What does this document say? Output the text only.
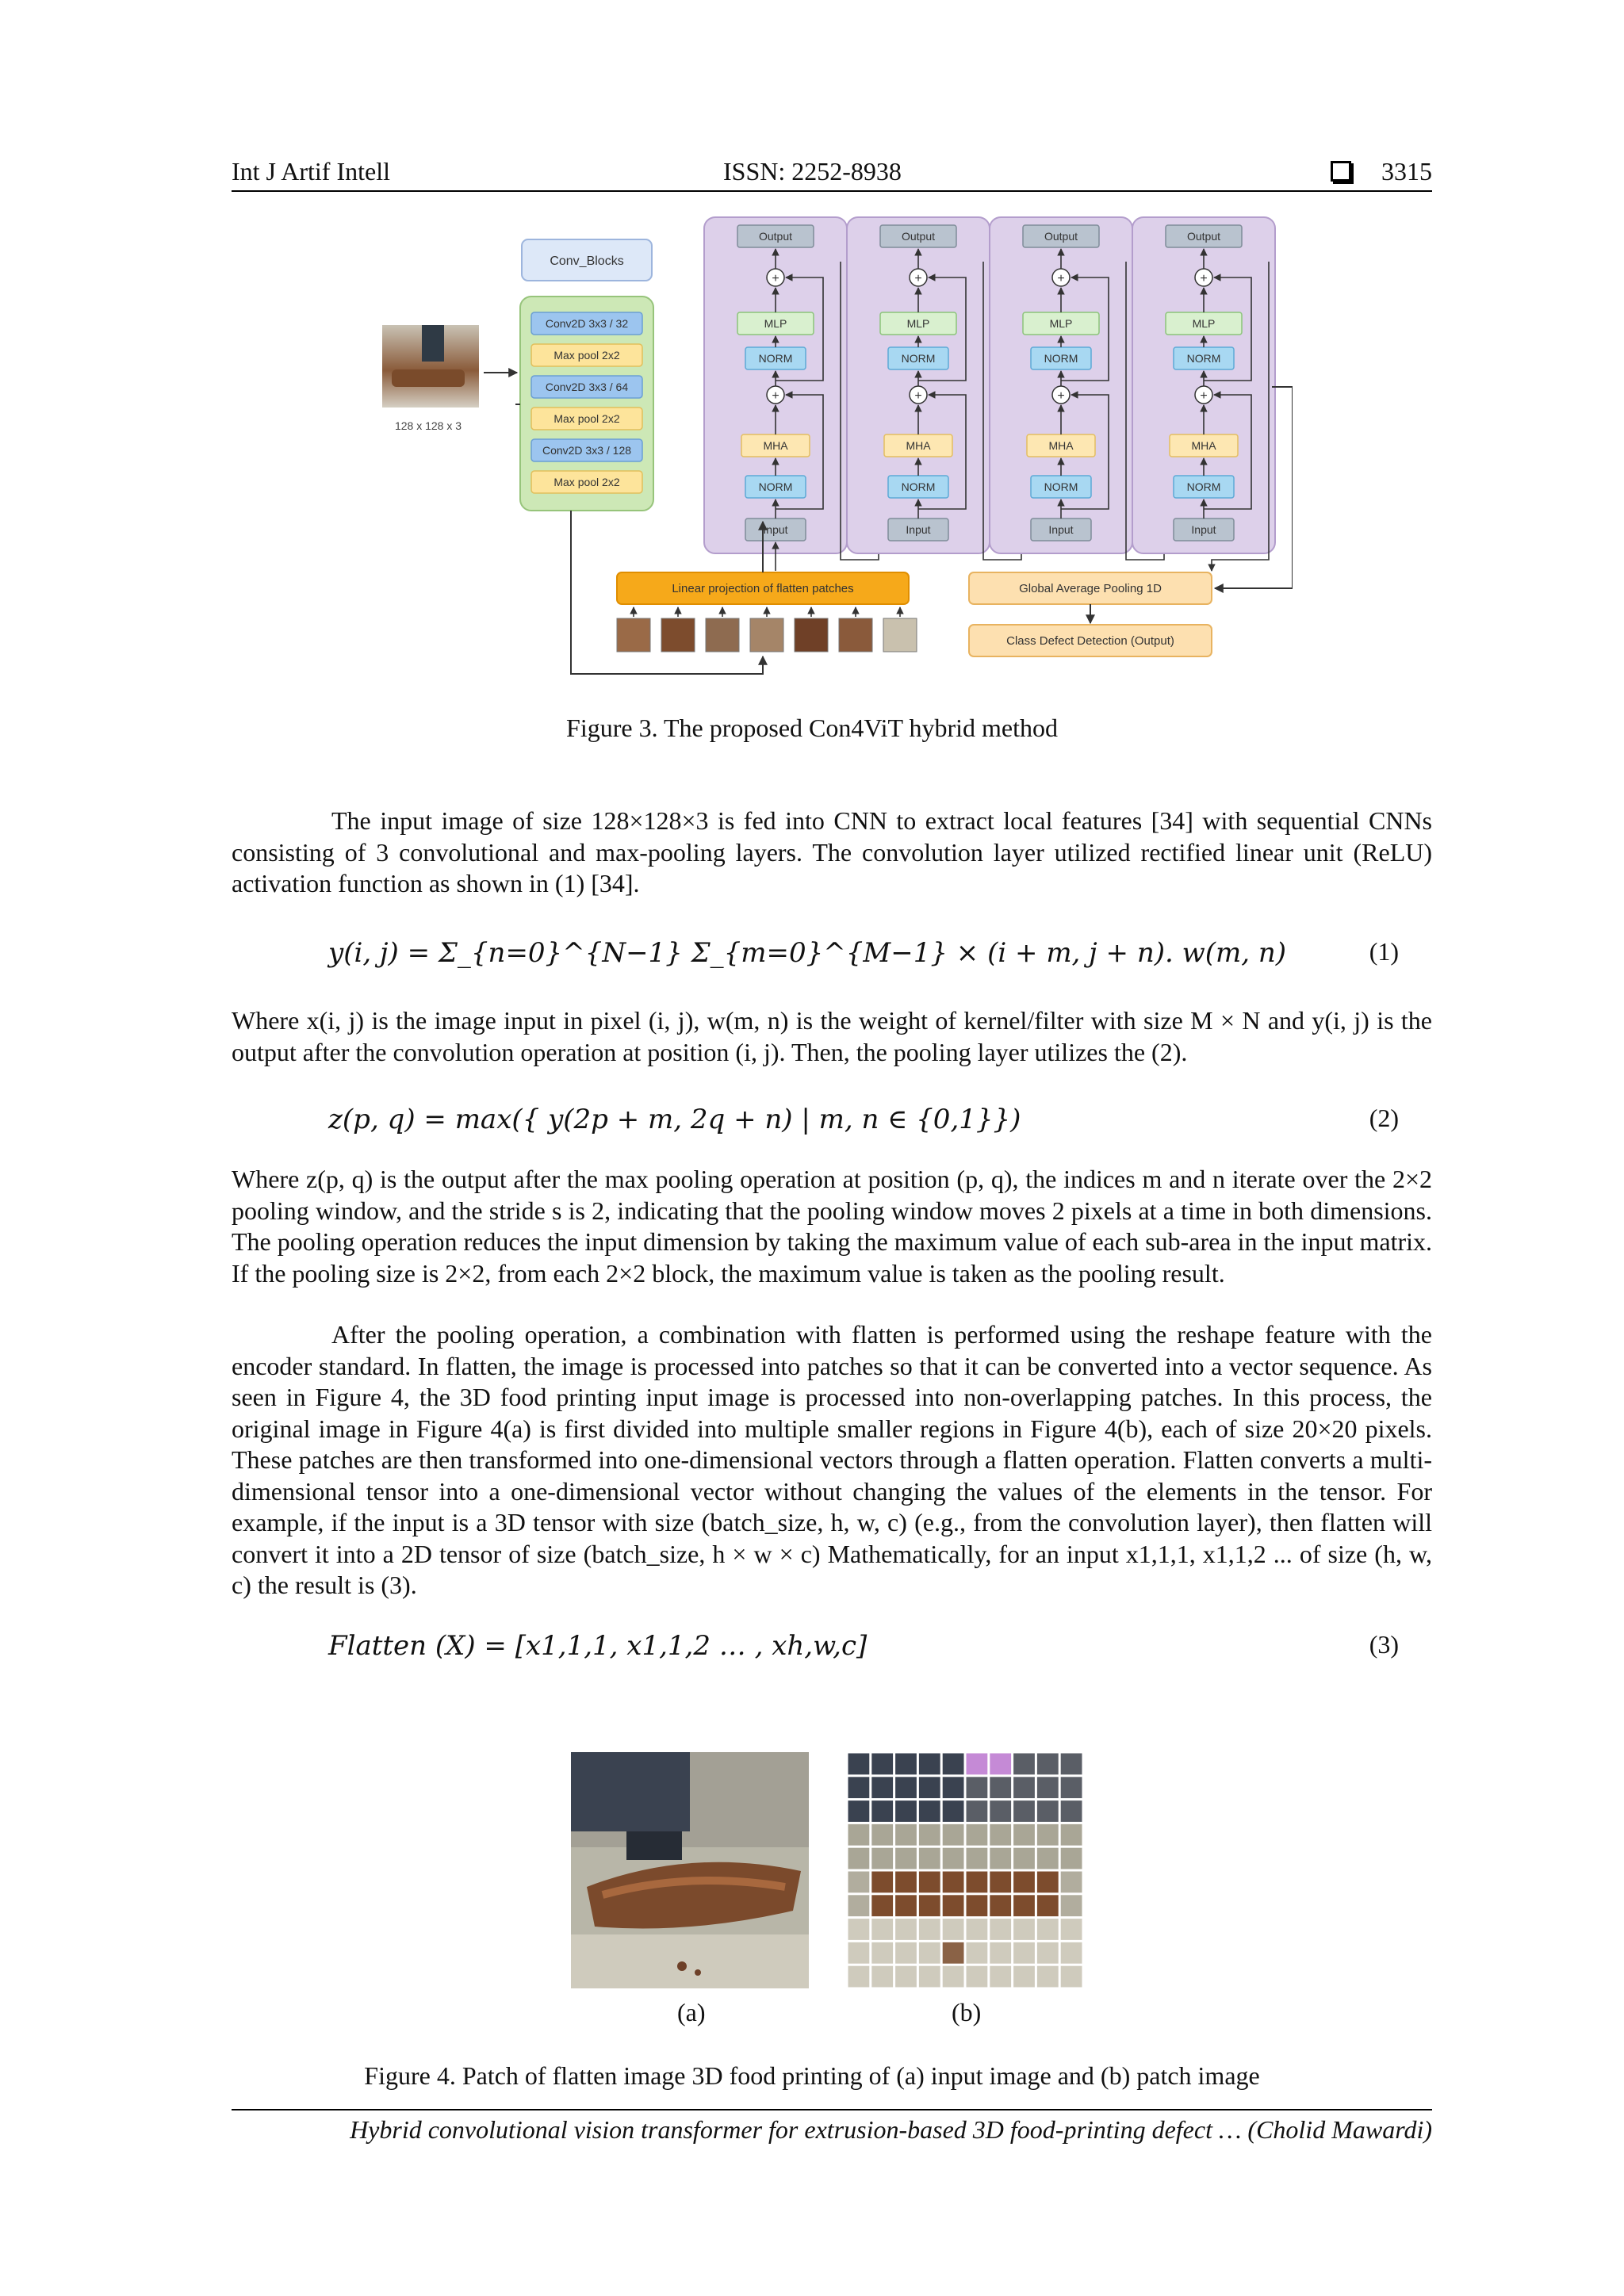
Int J Artif Intell	ISSN: 2252-8938	3315
128 x 128 x 3
Conv_Blocks
Conv2D 3x3 / 32
Max pool 2x2
Conv2D 3x3 / 64
Max pool 2x2
Conv2D 3x3 / 128
Max pool 2x2
Output
+
MLP
NORM
+
MHA
NORM
Input
Output
+
MLP
NORM
+
MHA
NORM
Input
Output
+
MLP
NORM
+
MHA
NORM
Input
Output
+
MLP
NORM
+
MHA
NORM
Input
Linear projection of flatten patches	Global Average Pooling 1D
Class Defect Detection (Output)
Figure 3. The proposed Con4ViT hybrid method
The input image of size 128×128×3 is fed into CNN to extract local features [34] with sequential CNNs consisting of 3 convolutional and max-pooling layers. The convolution layer utilized rectified linear unit (ReLU) activation function as shown in (1) [34].
y(i, j) = Σ_{n=0}^{N−1} Σ_{m=0}^{M−1} × (i + m, j + n). w(m, n)	(1)
Where x(i, j) is the image input in pixel (i, j), w(m, n) is the weight of kernel/filter with size M × N and y(i, j) is the output after the convolution operation at position (i, j). Then, the pooling layer utilizes the (2).
z(p, q) = max({ y(2p + m, 2q + n) | m, n ∈ {0,1}})	(2)
Where z(p, q) is the output after the max pooling operation at position (p, q), the indices m and n iterate over the 2×2 pooling window, and the stride s is 2, indicating that the pooling window moves 2 pixels at a time in both dimensions. The pooling operation reduces the input dimension by taking the maximum value of each sub-area in the input matrix. If the pooling size is 2×2, from each 2×2 block, the maximum value is taken as the pooling result.
After the pooling operation, a combination with flatten is performed using the reshape feature with the encoder standard. In flatten, the image is processed into patches so that it can be converted into a vector sequence. As seen in Figure 4, the 3D food printing input image is processed into non-overlapping patches. In this process, the original image in Figure 4(a) is first divided into multiple smaller regions in Figure 4(b), each of size 20×20 pixels. These patches are then transformed into one-dimensional vectors through a flatten operation. Flatten converts a multi-dimensional tensor into a one-dimensional vector without changing the values of the elements in the tensor. For example, if the input is a 3D tensor with size (batch_size, h, w, c) (e.g., from the convolution layer), then flatten will convert it into a 2D tensor of size (batch_size, h × w × c) Mathematically, for an input x1,1,1, x1,1,2 ... of size (h, w, c) the result is (3).
Flatten (X) = [x1,1,1, x1,1,2 … , xh,w,c]	(3)
(a)	(b)
Figure 4. Patch of flatten image 3D food printing of (a) input image and (b) patch image
Hybrid convolutional vision transformer for extrusion-based 3D food-printing defect … (Cholid Mawardi)
